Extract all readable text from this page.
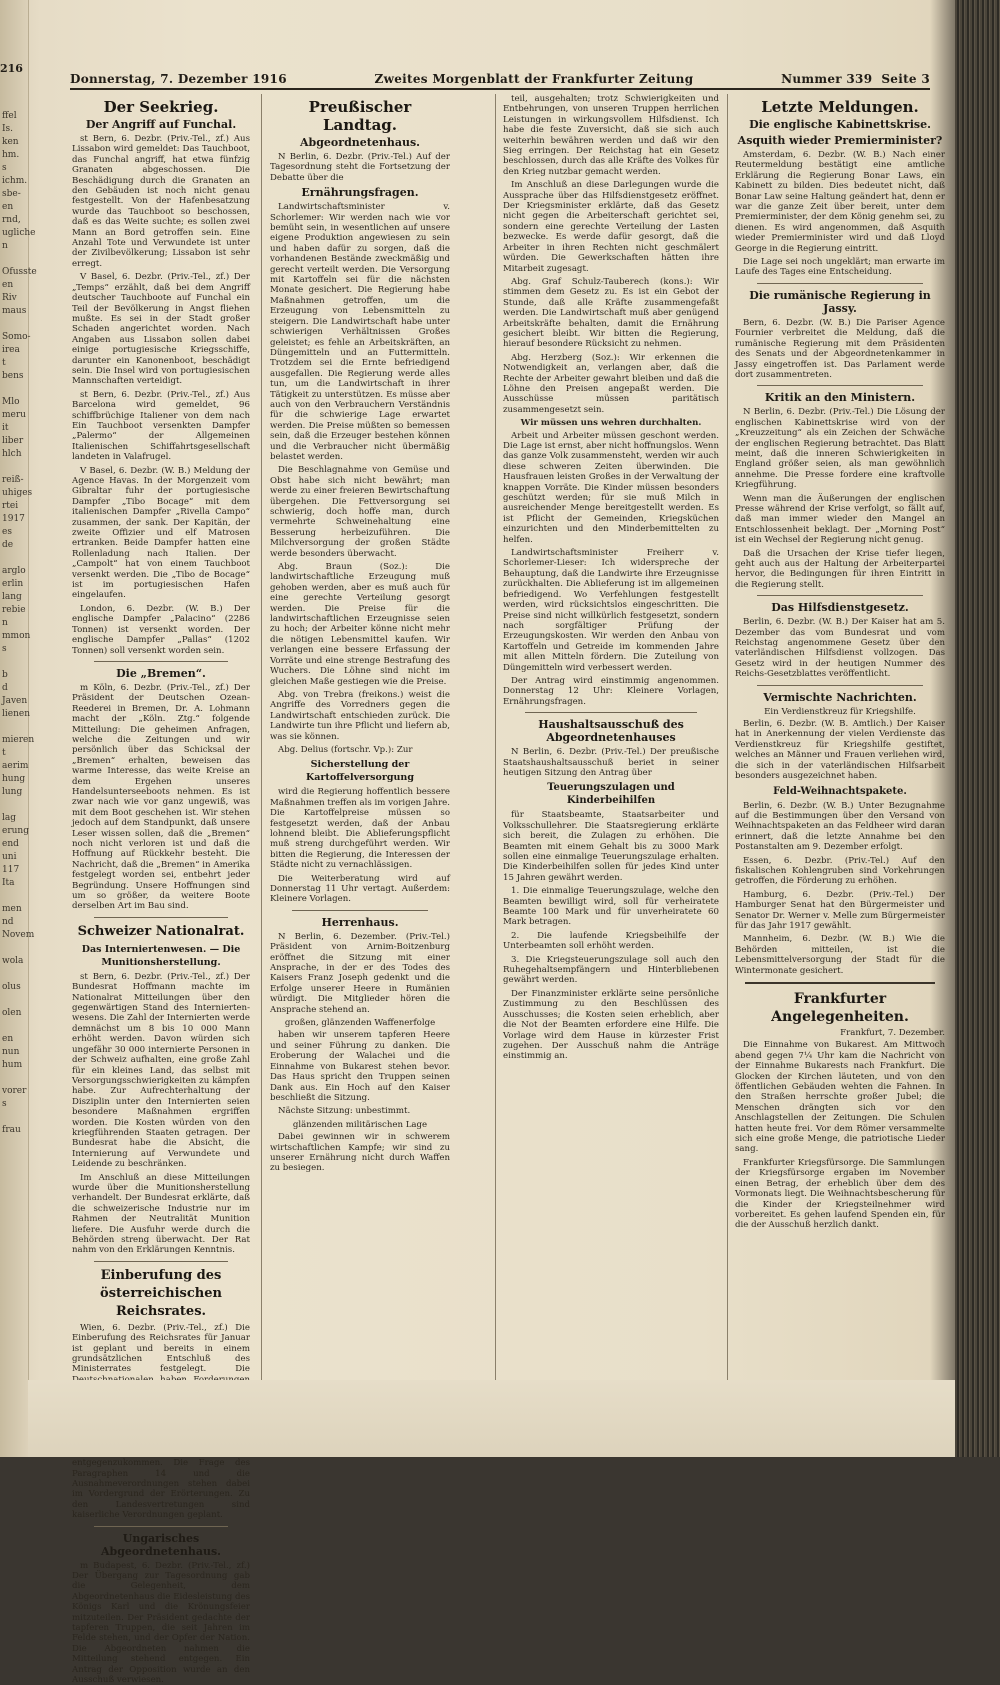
216
ffel
Is.
ken
hm.
s
ichm.
sbe-
en
rnd,
ugliche
n

Ofusste
en
Riv
maus

Somo-
irea
t
bens

Mlo
meru
it
liber
hlch

reiß-
uhiges
rtei
1917
es
de

arglo
erlin
lang
rebie
n
mmon
s

b
d
Javen
lienen

mieren
t
aerim
hung
lung

lag
erung
end
uni
117
Ita

men
nd
Novem

wola

olus

olen

en
nun
hum

vorer
s

frau
Donnerstag, 7. Dezember 1916	Zweites Morgenblatt der Frankfurter Zeitung	Nummer 339 Seite 3
Der Seekrieg.
Der Angriff auf Funchal.

st Bern, 6. Dezbr. (Priv.-Tel., zf.) Aus Lissabon wird gemeldet: Das Tauchboot, das Funchal angriff, hat etwa fünfzig Granaten abgeschossen. Die Beschädigung durch die Granaten an den Gebäuden ist noch nicht genau festgestellt. Von der Hafenbesatzung wurde das Tauchboot so beschossen, daß es das Weite suchte; es sollen zwei Mann an Bord getroffen sein. Eine Anzahl Tote und Verwundete ist unter der Zivilbevölkerung; Lissabon ist sehr erregt.

V Basel, 6. Dezbr. (Priv.-Tel., zf.) Der „Temps“ erzählt, daß bei dem Angriff deutscher Tauchboote auf Funchal ein Teil der Bevölkerung in Angst fliehen mußte. Es sei in der Stadt großer Schaden angerichtet worden. Nach Angaben aus Lissabon sollen dabei einige portugiesische Kriegsschiffe, darunter ein Kanonenboot, beschädigt sein. Die Insel wird von portugiesischen Mannschaften verteidigt.

st Bern, 6. Dezbr. (Priv.-Tel., zf.) Aus Barcelona wird gemeldet, 96 schiffbrüchige Italiener von dem nach Ein Tauchboot versenkten Dampfer „Palermo“ der Allgemeinen Italienischen Schiffahrtsgesellschaft landeten in Valafrugel.

V Basel, 6. Dezbr. (W. B.) Meldung der Agence Havas. In der Morgenzeit vom Gibraltar fuhr der portugiesische Dampfer „Tibo Bocage“ mit dem italienischen Dampfer „Rivella Campo“ zusammen, der sank. Der Kapitän, der zweite Offizier und elf Matrosen ertranken. Beide Dampfer hatten eine Rollenladung nach Italien. Der „Campolt“ hat von einem Tauchboot versenkt werden. Die „Tibo de Bocage“ ist im portugiesischen Hafen eingelaufen.

London, 6. Dezbr. (W. B.) Der englische Dampfer „Palacino“ (2286 Tonnen) ist versenkt worden. Der englische Dampfer „Pallas“ (1202 Tonnen) soll versenkt worden sein.

Die „Bremen“.

m Köln, 6. Dezbr. (Priv.-Tel., zf.) Der Präsident der Deutschen Ozean-Reederei in Bremen, Dr. A. Lohmann macht der „Köln. Ztg.“ folgende Mitteilung: Die geheimen Anfragen, welche die Zeitungen und wir persönlich über das Schicksal der „Bremen“ erhalten, beweisen das warme Interesse, das weite Kreise an dem Ergehen unseres Handelsunterseeboots nehmen. Es ist zwar nach wie vor ganz ungewiß, was mit dem Boot geschehen ist. Wir stehen jedoch auf dem Standpunkt, daß unsere Leser wissen sollen, daß die „Bremen“ noch nicht verloren ist und daß die Hoffnung auf Rückkehr besteht. Die Nachricht, daß die „Bremen“ in Amerika festgelegt worden sei, entbehrt jeder Begründung. Unsere Hoffnungen sind um so größer, da weitere Boote derselben Art im Bau sind.

Schweizer Nationalrat.
Das Interniertenwesen. — Die Munitionsherstellung.

st Bern, 6. Dezbr. (Priv.-Tel., zf.) Der Bundesrat Hoffmann machte im Nationalrat Mitteilungen über den gegenwärtigen Stand des Interniertenwesens. Die Zahl der Internierten werde demnächst um 8 bis 10 000 Mann erhöht werden. Davon würden sich ungefähr 30 000 internierte Personen in der Schweiz aufhalten, eine große Zahl für ein kleines Land, das selbst mit Versorgungsschwierigkeiten zu kämpfen habe. Zur Aufrechterhaltung der Disziplin unter den Internierten seien besondere Maßnahmen ergriffen worden. Die Kosten würden von den kriegführenden Staaten getragen. Der Bundesrat habe die Absicht, die Internierung auf Verwundete und Leidende zu beschränken.

Im Anschluß an diese Mitteilungen wurde über die Munitionsherstellung verhandelt. Der Bundesrat erklärte, daß die schweizerische Industrie nur im Rahmen der Neutralität Munition liefere. Die Ausfuhr werde durch die Behörden streng überwacht. Der Rat nahm von den Erklärungen Kenntnis.

Einberufung des österreichischen Reichsrates.

Wien, 6. Dezbr. (Priv.-Tel., zf.) Die Einberufung des Reichsrates für Januar ist geplant und bereits in einem grundsätzlichen Entschluß des Ministerrates festgelegt. Die entgegenzukommen. Die Frage des Paragraphen 14 und die Ausnahmeverordnungen stehen dabei im Vordergrund der Erörterungen. Zu den Landesvertretungen sind kaiserliche Verordnungen geplant.

Ungarisches Abgeordnetenhaus.

m Budapest, 6. Dezbr. (Priv.-Tel., zf.) Der Übergang zur Tagesordnung gab die Gelegenheit, dem Abgeordnetenhaus die Eidesleistung des Königs Karl und die Krönungsfeier mitzuteilen. Der Präsident gedachte der tapferen Truppen, die seit Jahren im Felde stehen, und der Opfer der Nation. Die Abgeordneten nahmen die Mitteilung stehend entgegen. Ein Antrag der Opposition wurde an den Ausschuß verwiesen.

Preußischer Landtag.
Abgeordnetenhaus.

N Berlin, 6. Dezbr. (Priv.-Tel.) Auf der Tagesordnung steht die Fortsetzung der Debatte über die

Ernährungsfragen.

Landwirtschaftsminister v. Schorlemer: Wir werden nach wie vor bemüht sein, in wesentlichen auf unsere eigene Produktion angewiesen zu sein und haben dafür zu sorgen, daß die vorhandenen Bestände zweckmäßig und gerecht verteilt werden. Die Versorgung mit Kartoffeln sei für die nächsten Monate gesichert. Die Regierung habe Maßnahmen getroffen, um die Erzeugung von Lebensmitteln zu steigern. Die Landwirtschaft habe unter schwierigen Verhältnissen Großes geleistet; es fehle an Arbeitskräften, an Düngemitteln und an Futtermitteln. Trotzdem sei die Ernte befriedigend ausgefallen. Die Regierung werde alles tun, um die Landwirtschaft in ihrer Tätigkeit zu unterstützen. Es müsse aber auch von den Verbrauchern Verständnis für die schwierige Lage erwartet werden. Die Preise müßten so bemessen sein, daß die Erzeuger bestehen können und die Verbraucher nicht übermäßig belastet werden.

Die Beschlagnahme von Gemüse und Obst habe sich nicht bewährt; man werde zu einer freieren Bewirtschaftung übergehen. Die Fettversorgung sei schwierig, doch hoffe man, durch vermehrte Schweinehaltung eine Besserung herbeizuführen. Die Milchversorgung der großen Städte werde besonders überwacht.

Abg. Braun (Soz.): Die landwirtschaftliche Erzeugung muß gehoben werden, aber es muß auch für eine gerechte Verteilung gesorgt werden. Die Preise für die landwirtschaftlichen Erzeugnisse seien zu hoch; der Arbeiter könne nicht mehr die nötigen Lebensmittel kaufen. Wir verlangen eine bessere Erfassung der Vorräte und eine strenge Bestrafung des Wuchers. Die Löhne sind nicht im gleichen Maße gestiegen wie die Preise.

Abg. von Trebra (freikons.) weist die Angriffe des Vorredners gegen die Landwirtschaft entschieden zurück. Die Landwirte tun ihre Pflicht und liefern ab, was sie können.

Abg. Delius (fortschr. Vp.): Zur

Sicherstellung der Kartoffelversorgung

wird die Regierung hoffentlich bessere Maßnahmen treffen als im vorigen Jahre. Die Kartoffelpreise müssen so festgesetzt werden, daß der Anbau lohnend bleibt. Die Ablieferungspflicht muß streng durchgeführt werden. Wir bitten die Regierung, die Interessen der Städte nicht zu vernachlässigen.

Die Weiterberatung wird auf Donnerstag 11 Uhr vertagt. Außerdem: Kleinere Vorlagen.

Herrenhaus.

N Berlin, 6. Dezember. (Priv.-Tel.) Präsident von Arnim-Boitzenburg eröffnet die Sitzung mit einer Ansprache, in der er des Todes des Kaisers Franz Joseph gedenkt und die Erfolge unserer Heere in Rumänien würdigt. Die Mitglieder hören die Ansprache stehend an.

großen, glänzenden Waffenerfolge

haben wir unserem tapferen Heere und seiner Führung zu danken. Die Eroberung der Walachei und die Einnahme von Bukarest stehen bevor. Das Haus spricht den Truppen seinen Dank aus. Ein Hoch auf den Kaiser beschließt die Sitzung.

Nächste Sitzung: unbestimmt.

glänzenden militärischen Lage

Dabei gewinnen wir in schwerem wirtschaftlichen Kampfe; wir sind zu unserer Ernährung nicht durch Waffen zu besiegen.

teil, ausgehalten; trotz Schwierigkeiten und Entbehrungen, von unseren Truppen herrlichen Leistungen in wirkungsvollem Hilfsdienst. Ich habe die feste Zuversicht, daß sie sich auch weiterhin bewähren werden und daß wir den Sieg erringen. Der Reichstag hat ein Gesetz beschlossen, durch das alle Kräfte des Volkes für den Krieg nutzbar gemacht werden.

Im Anschluß an diese Darlegungen wurde die Aussprache über das Hilfsdienstgesetz eröffnet. Der Kriegsminister erklärte, daß das Gesetz nicht gegen die Arbeiterschaft gerichtet sei, sondern eine gerechte Verteilung der Lasten bezwecke. Es werde dafür gesorgt, daß die Arbeiter in ihren Rechten nicht geschmälert würden. Die Gewerkschaften hätten ihre Mitarbeit zugesagt.

Abg. Graf Schulz-Tauberech (kons.): Wir stimmen dem Gesetz zu. Es ist ein Gebot der Stunde, daß alle Kräfte zusammengefaßt werden. Die Landwirtschaft muß aber genügend Arbeitskräfte behalten, damit die Ernährung gesichert bleibt. Wir bitten die Regierung, hierauf besondere Rücksicht zu nehmen.

Abg. Herzberg (Soz.): Wir erkennen die Notwendigkeit an, verlangen aber, daß die Rechte der Arbeiter gewahrt bleiben und daß die Löhne den Preisen angepaßt werden. Die Ausschüsse müssen paritätisch zusammengesetzt sein.

Wir müssen uns wehren durchhalten.

Arbeit und Arbeiter müssen geschont werden. Die Lage ist ernst, aber nicht hoffnungslos. Wenn das ganze Volk zusammensteht, werden wir auch diese schweren Zeiten überwinden. Die Hausfrauen leisten Großes in der Verwaltung der knappen Vorräte. Die Kinder müssen besonders geschützt werden; für sie muß Milch in ausreichender Menge bereitgestellt werden. Es ist Pflicht der Gemeinden, Kriegsküchen einzurichten und den Minderbemittelten zu helfen.

Landwirtschaftsminister Freiherr v. Schorlemer-Lieser: Ich widerspreche der Behauptung, daß die Landwirte ihre Erzeugnisse zurückhalten. Die Ablieferung ist im allgemeinen befriedigend. Wo Verfehlungen festgestellt werden, wird rücksichtslos eingeschritten. Die Preise sind nicht willkürlich festgesetzt, sondern nach sorgfältiger Prüfung der Erzeugungskosten. Wir werden den Anbau von Kartoffeln und Getreide im kommenden Jahre mit allen Mitteln fördern. Die Zuteilung von Düngemitteln wird verbessert werden.

Der Antrag wird einstimmig angenommen. Donnerstag 12 Uhr: Kleinere Vorlagen, Ernährungsfragen.

Haushaltsausschuß des Abgeordnetenhauses

N Berlin, 6. Dezbr. (Priv.-Tel.) Der preußische Staatshaushaltsausschuß beriet in seiner heutigen Sitzung den Antrag über

Teuerungszulagen und Kinderbeihilfen

für Staatsbeamte, Staatsarbeiter und Volksschullehrer. Die Staatsregierung erklärte sich bereit, die Zulagen zu erhöhen. Die Beamten mit einem Gehalt bis zu 3000 Mark sollen eine einmalige Teuerungszulage erhalten. Die Kinderbeihilfen sollen für jedes Kind unter 15 Jahren gewährt werden.

1. Die einmalige Teuerungszulage, welche den Beamten bewilligt wird, soll für verheiratete Beamte 100 Mark und für unverheiratete 60 Mark betragen.

2. Die laufende Kriegsbeihilfe der Unterbeamten soll erhöht werden.

3. Die Kriegsteuerungszulage soll auch den Ruhegehaltsempfängern und Hinterbliebenen gewährt werden.

Der Finanzminister erklärte seine persönliche Zustimmung zu den Beschlüssen des Ausschusses; die Kosten seien erheblich, aber die Not der Beamten erfordere eine Hilfe. Die Vorlage wird dem Hause in kürzester Frist zugehen. Der Ausschuß nahm die Anträge einstimmig an.

Letzte Meldungen.
Die englische Kabinettskrise.
Asquith wieder Premierminister?

Amsterdam, 6. Dezbr. (W. B.) Nach einer Reutermeldung bestätigt eine amtliche Erklärung die Regierung Bonar Laws, ein Kabinett zu bilden. Dies bedeutet nicht, daß Bonar Law seine Haltung geändert hat, denn er war die ganze Zeit über bereit, unter dem Premierminister, der dem König genehm sei, zu dienen. Es wird angenommen, daß Asquith wieder Premierminister wird und daß Lloyd George in die Regierung eintritt.

Die Lage sei noch ungeklärt; man erwarte im Laufe des Tages eine Entscheidung.

Die rumänische Regierung in Jassy.

Bern, 6. Dezbr. (W. B.) Die Pariser Agence Fournier verbreitet die Meldung, daß die rumänische Regierung mit dem Präsidenten des Senats und der Abgeordnetenkammer in Jassy eingetroffen ist. Das Parlament werde dort zusammentreten.

Kritik an den Ministern.

N Berlin, 6. Dezbr. (Priv.-Tel.) Die Lösung der englischen Kabinettskrise wird von der „Kreuzzeitung“ als ein Zeichen der Schwäche der englischen Regierung betrachtet. Das Blatt meint, daß die inneren Schwierigkeiten in England größer seien, als man gewöhnlich annehme. Die Presse fordere eine kraftvolle Kriegführung.

Wenn man die Äußerungen der englischen Presse während der Krise verfolgt, so fällt auf, daß man immer wieder den Mangel an Entschlossenheit beklagt. Der „Morning Post“ ist ein Wechsel der Regierung nicht genug.

Daß die Ursachen der Krise tiefer liegen, geht auch aus der Haltung der Arbeiterpartei hervor, die Bedingungen für ihren Eintritt in die Regierung stellt.

Das Hilfsdienstgesetz.

Berlin, 6. Dezbr. (W. B.) Der Kaiser hat am 5. Dezember das vom Bundesrat und vom Reichstag angenommene Gesetz über den vaterländischen Hilfsdienst vollzogen. Das Gesetz wird in der heutigen Nummer des Reichs-Gesetzblattes veröffentlicht.

Vermischte Nachrichten.

Ein Verdienstkreuz für Kriegshilfe.

Berlin, 6. Dezbr. (W. B. Amtlich.) Der Kaiser hat in Anerkennung der vielen Verdienste das Verdienstkreuz für Kriegshilfe gestiftet, welches an Männer und Frauen verliehen wird, die sich in der vaterländischen Hilfsarbeit besonders ausgezeichnet haben.

Feld-Weihnachtspakete.

Berlin, 6. Dezbr. (W. B.) Unter Bezugnahme auf die Bestimmungen über den Versand von Weihnachtspaketen an das Feldheer wird daran erinnert, daß die letzte Annahme bei den Postanstalten am 9. Dezember erfolgt.

Essen, 6. Dezbr. (Priv.-Tel.) Auf den fiskalischen Kohlengruben sind Vorkehrungen getroffen, die Förderung zu erhöhen.

Hamburg, 6. Dezbr. (Priv.-Tel.) Der Hamburger Senat hat den Bürgermeister und Senator Dr. Werner v. Melle zum Bürgermeister für das Jahr 1917 gewählt.

Mannheim, 6. Dezbr. (W. B.) Wie die Behörden mitteilen, ist die Lebensmittelversorgung der Stadt für die Wintermonate gesichert.

Frankfurter Angelegenheiten.

Frankfurt, 7. Dezember.

Die Einnahme von Bukarest. Am Mittwoch abend gegen 7¼ Uhr kam die Nachricht von der Einnahme Bukarests nach Frankfurt. Die Glocken der Kirchen läuteten, und von den öffentlichen Gebäuden wehten die Fahnen. In den Straßen herrschte großer Jubel; die Menschen drängten sich vor den Anschlagstellen der Zeitungen. Die Schulen hatten heute frei. Vor dem Römer versammelte sich eine große Menge, die patriotische Lieder sang.

Frankfurter Kriegsfürsorge. Die Sammlungen der Kriegsfürsorge ergaben im November einen Betrag, der erheblich über dem des Vormonats liegt. Die Weihnachtsbescherung für die Kinder der Kriegsteilnehmer wird vorbereitet. Es gehen laufend Spenden ein, für die der Ausschuß herzlich dankt.
